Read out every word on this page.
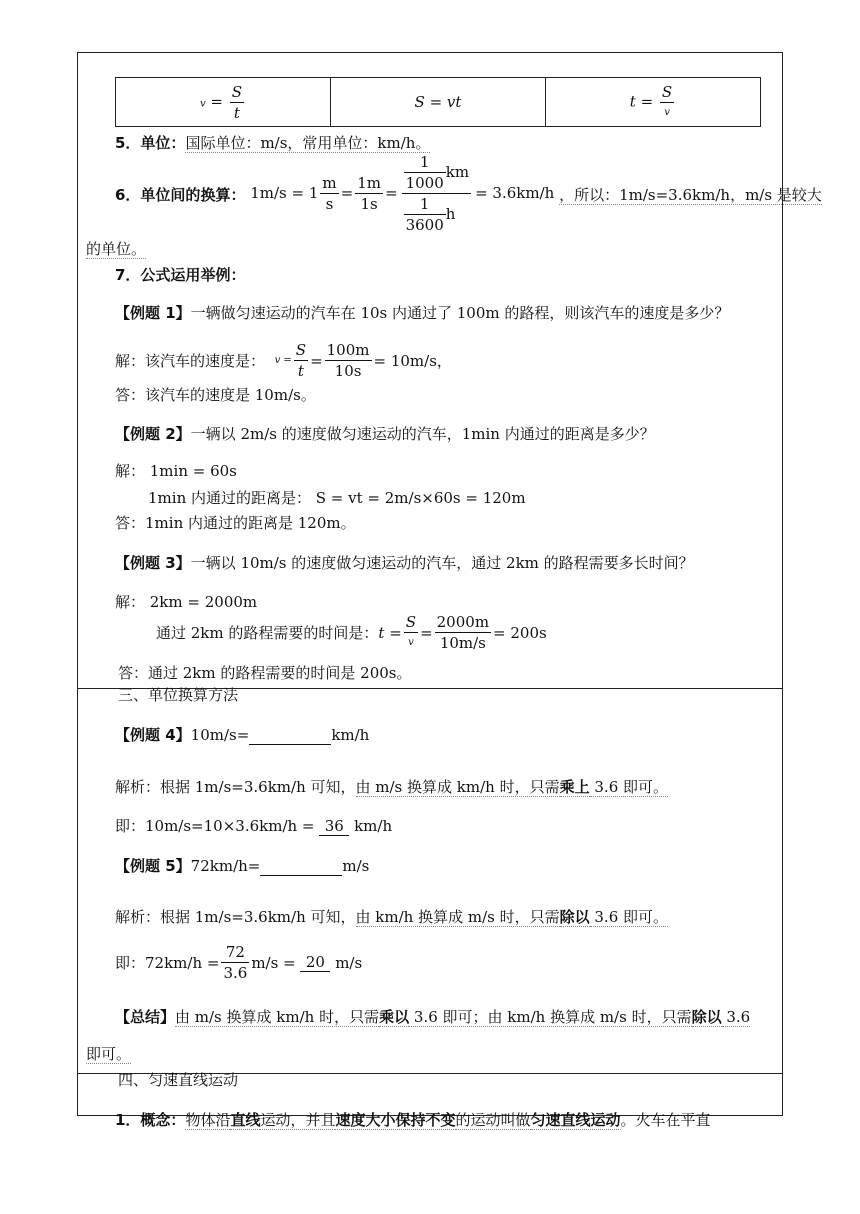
$v = \frac{S}{t}$	S = vt	$t = \frac{S}{v}$
5．单位：国际单位：m/s，常用单位：km/h。
6．单位间的换算： $1m/s = 1 \frac{m}{s} = \frac{1m}{1s} = \frac{\frac{1}{1000} km}{\frac{1}{3600} h} = 3.6km/h$ ，所以：1m/s=3.6km/h，m/s 是较大
的单位。
7．公式运用举例：
【例题 1】一辆做匀速运动的汽车在 10s 内通过了 100m 的路程，则该汽车的速度是多少？
解：该汽车的速度是：
$v = \frac{S}{t} = \frac{100m}{10s} = 10m/s$，
答：该汽车的速度是 10m/s。
【例题 2】一辆以 2m/s 的速度做匀速运动的汽车，1min 内通过的距离是多少？
解： 1min = 60s
1min 内通过的距离是： S = vt = 2m/s×60s = 120m
答：1min 内通过的距离是 120m。
【例题 3】一辆以 10m/s 的速度做匀速运动的汽车，通过 2km 的路程需要多长时间？
解： 2km = 2000m
通过 2km 的路程需要的时间是： $t = \frac{S}{v} = \frac{2000m}{10m/s} = 200s$
答：通过 2km 的路程需要的时间是 200s。
三、单位换算方法
【例题 4】10m/s=	km/h
解析：根据 1m/s=3.6km/h 可知，由 m/s 换算成 km/h 时，只需乘上 3.6 即可。
即：10m/s=10×3.6km/h = 36 km/h
【例题 5】72km/h=	m/s
解析：根据 1m/s=3.6km/h 可知，由 km/h 换算成 m/s 时，只需除以 3.6 即可。
即：$72km/h = \frac{72}{3.6} m/s$ =
20
m/s
【总结】由 m/s 换算成 km/h 时，只需乘以 3.6 即可；由 km/h 换算成 m/s 时，只需除以 3.6
即可。
四、匀速直线运动
1．概念：物体沿直线运动，并且速度大小保持不变的运动叫做匀速直线运动。火车在平直
